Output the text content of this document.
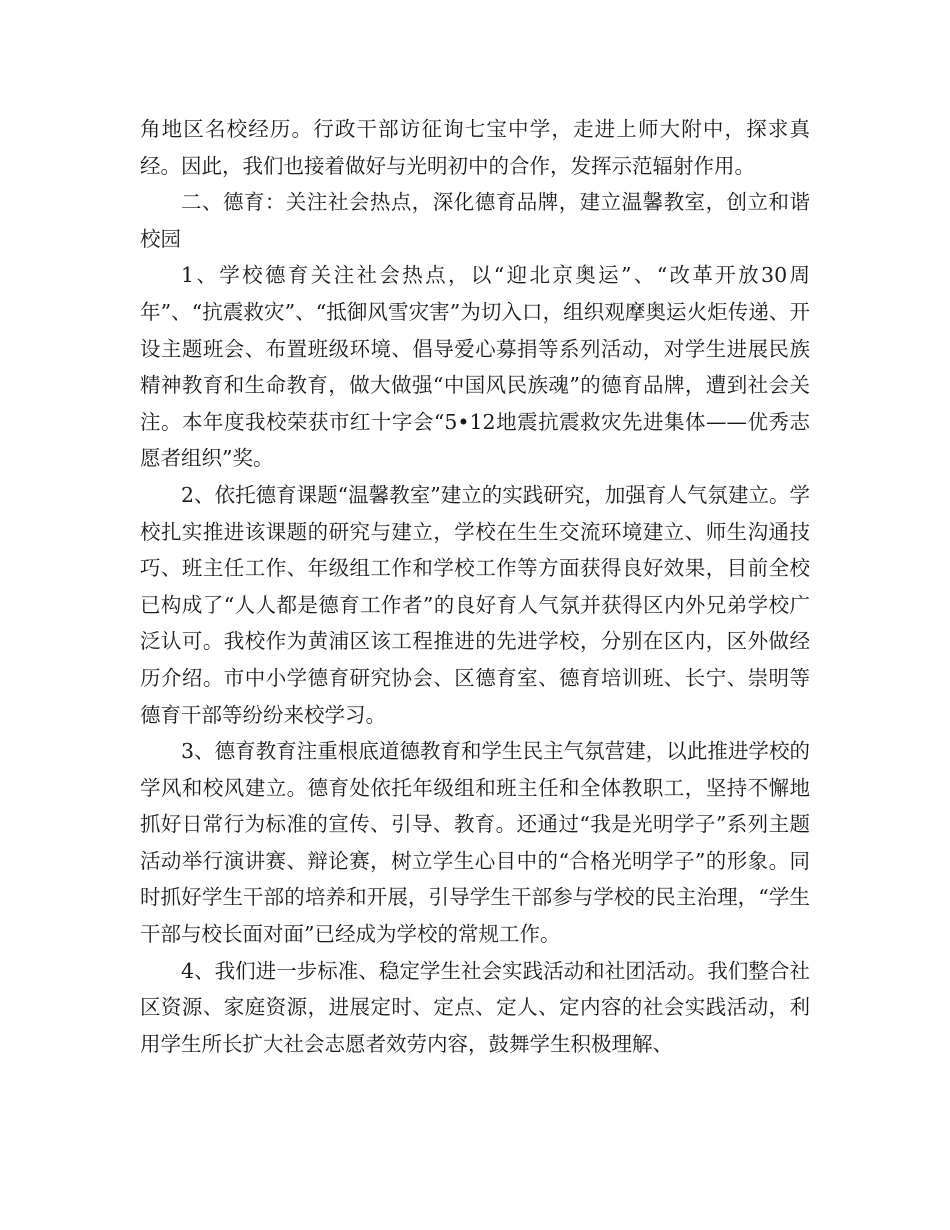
角地区名校经历。行政干部访征询七宝中学，走进上师大附中，探求真经。因此，我们也接着做好与光明初中的合作，发挥示范辐射作用。

二、德育：关注社会热点，深化德育品牌，建立温馨教室，创立和谐校园

1、学校德育关注社会热点，以“迎北京奥运”、“改革开放30周年”、“抗震救灾”、“抵御风雪灾害”为切入口，组织观摩奥运火炬传递、开设主题班会、布置班级环境、倡导爱心募捐等系列活动，对学生进展民族精神教育和生命教育，做大做强“中国风民族魂”的德育品牌，遭到社会关注。本年度我校荣获市红十字会“5•12地震抗震救灾先进集体——优秀志愿者组织”奖。

2、依托德育课题“温馨教室”建立的实践研究，加强育人气氛建立。学校扎实推进该课题的研究与建立，学校在生生交流环境建立、师生沟通技巧、班主任工作、年级组工作和学校工作等方面获得良好效果，目前全校已构成了“人人都是德育工作者”的良好育人气氛并获得区内外兄弟学校广泛认可。我校作为黄浦区该工程推进的先进学校，分别在区内，区外做经历介绍。市中小学德育研究协会、区德育室、德育培训班、长宁、崇明等德育干部等纷纷来校学习。

3、德育教育注重根底道德教育和学生民主气氛营建，以此推进学校的学风和校风建立。德育处依托年级组和班主任和全体教职工，坚持不懈地抓好日常行为标准的宣传、引导、教育。还通过“我是光明学子”系列主题活动举行演讲赛、辩论赛，树立学生心目中的“合格光明学子”的形象。同时抓好学生干部的培养和开展，引导学生干部参与学校的民主治理，“学生干部与校长面对面”已经成为学校的常规工作。

4、我们进一步标准、稳定学生社会实践活动和社团活动。我们整合社区资源、家庭资源，进展定时、定点、定人、定内容的社会实践活动，利用学生所长扩大社会志愿者效劳内容，鼓舞学生积极理解、
